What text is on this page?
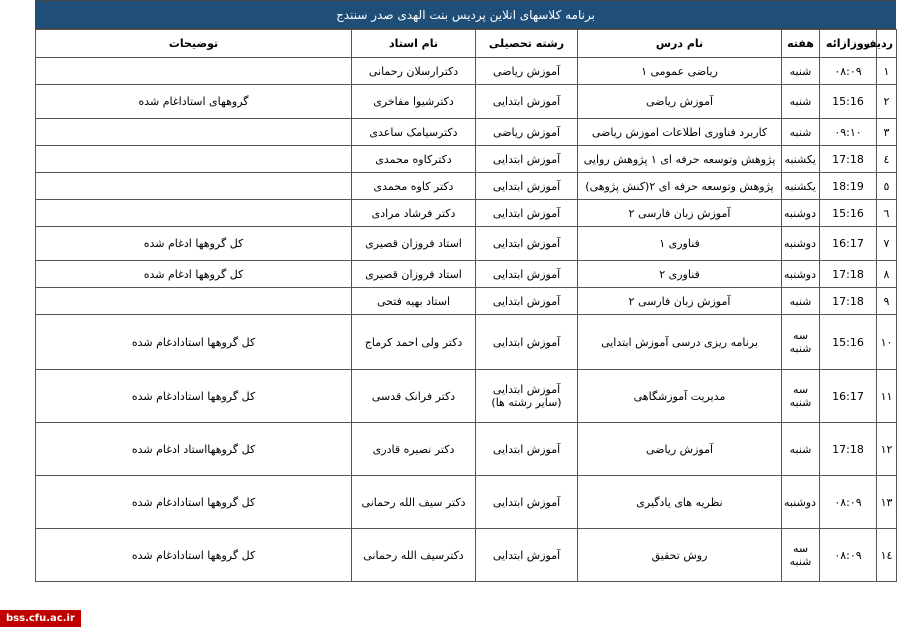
برنامه کلاسهای انلاین پردیس بنت الهدی صدر سنندج
ردیف	روزازائه	هفته	نام درس	رشته تحصیلی	نام استاد	توضیحات
۱	۰۸:۰۹	شنبه	ریاضی عمومی ۱	آموزش ریاضی	دکترارسلان رحمانی	
۲	15:16	شنبه	آموزش ریاضی	آموزش ابتدایی	دکترشیوا مفاخری	گروههای استاداغام شده
۳	۰۹:۱۰	شنبه	کاربرد فناوری اطلاعات اموزش ریاضی	آموزش ریاضی	دکترسیامک ساعدی	
٤	17:18	یکشنبه	پژوهش وتوسعه حرفه ای ۱ پژوهش روایی	آموزش ابتدایی	دکترکاوه محمدی	
٥	18:19	یکشنبه	پژوهش وتوسعه حرفه ای ۲(کنش پژوهی)	آموزش ابتدایی	دکتر کاوه محمدی	
٦	15:16	دوشنبه	آموزش زبان فارسی ۲	آموزش ابتدایی	دکتر فرشاد مرادی	
۷	16:17	دوشنبه	فناوری ۱	آموزش ابتدایی	استاد فروزان قصیری	کل گروهها ادغام شده
۸	17:18	دوشنبه	فناوری ۲	آموزش ابتدایی	استاد فروزان قصیری	کل گروهها ادغام شده
۹	17:18	شنبه	آموزش زبان فارسی ۲	آموزش ابتدایی	استاد بهیه فتحی	
۱۰	15:16	سه شنبه	برنامه ریزی درسی آموزش ابتدایی	آموزش ابتدایی	دکتر ولی احمد کرماج	کل گروهها استادادغام شده
۱۱	16:17	سه شنبه	مدیریت آموزشگاهی	آموزش ابتدایی (سایر رشته ها)	دکتر فرانک قدسی	کل گروهها استادادغام شده
۱۲	17:18	شنبه	آموزش ریاضی	آموزش ابتدایی	دکتر نصیره قادری	کل گروههااستاد ادغام شده
۱۳	۰۸:۰۹	دوشنبه	نظریه های یادگیری	آموزش ابتدایی	دکتر سیف الله رحمانی	کل گروهها استادادغام شده
١٤	۰۸:۰۹	سه شنبه	روش تحقیق	آموزش ابتدایی	دکترسیف الله رحمانی	کل گروهها استادادغام شده
bss.cfu.ac.ir
